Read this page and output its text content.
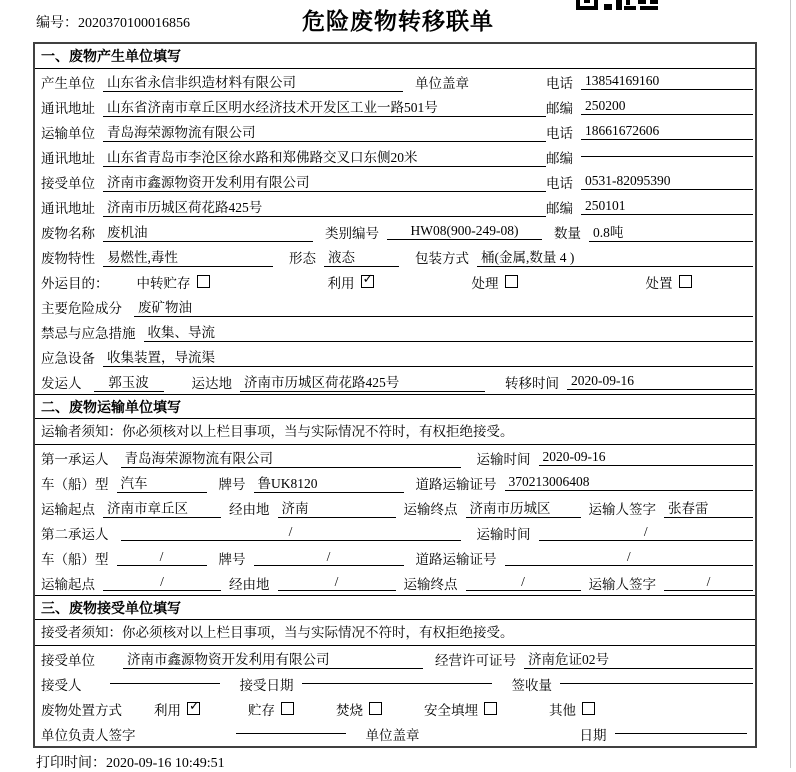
编号：2020370100016856	危险废物转移联单
一、废物产生单位填写
产生单位 山东省永信非织造材料有限公司	单位盖章	电话 13854169160
通讯地址 山东省济南市章丘区明水经济技术开发区工业一路501号	邮编 250200
运输单位 青岛海荣源物流有限公司	电话 18661672606
通讯地址 山东省青岛市李沧区徐水路和郑佛路交叉口东侧20米	邮编
接受单位 济南市鑫源物资开发利用有限公司	电话 0531-82095390
通讯地址 济南市历城区荷花路425号	邮编 250101
废物名称 废机油	类别编号	HW08(900-249-08)	数量 0.8吨
废物特性 易燃性,毒性	形态 液态	包装方式 桶(金属,数量 4 )
外运目的： 中转贮存	利用 ✓	处理	处置
主要危险成分 废矿物油
禁忌与应急措施 收集、导流
应急设备 收集装置，导流渠
发运人	郭玉波	运达地 济南市历城区荷花路425号	转移时间 2020-09-16
二、废物运输单位填写
运输者须知：你必须核对以上栏目事项，当与实际情况不符时，有权拒绝接受。
第一承运人 青岛海荣源物流有限公司	运输时间 2020-09-16
车（船）型 汽车	牌号 鲁UK8120	道路运输证号 370213006408
运输起点 济南市章丘区	经由地 济南	运输终点 济南市历城区	运输人签字 张春雷
第二承运人	/	运输时间	/
车（船）型	/	牌号	/	道路运输证号	/
运输起点	/	经由地	/	运输终点	/	运输人签字	/
三、废物接受单位填写
接受者须知：你必须核对以上栏目事项，当与实际情况不符时，有权拒绝接受。
接受单位 济南市鑫源物资开发利用有限公司	经营许可证号 济南危证02号
接受人	接受日期	签收量
废物处置方式 利用 ✓	贮存	焚烧	安全填埋	其他
单位负责人签字	单位盖章	日期
打印时间：2020-09-16 10:49:51
